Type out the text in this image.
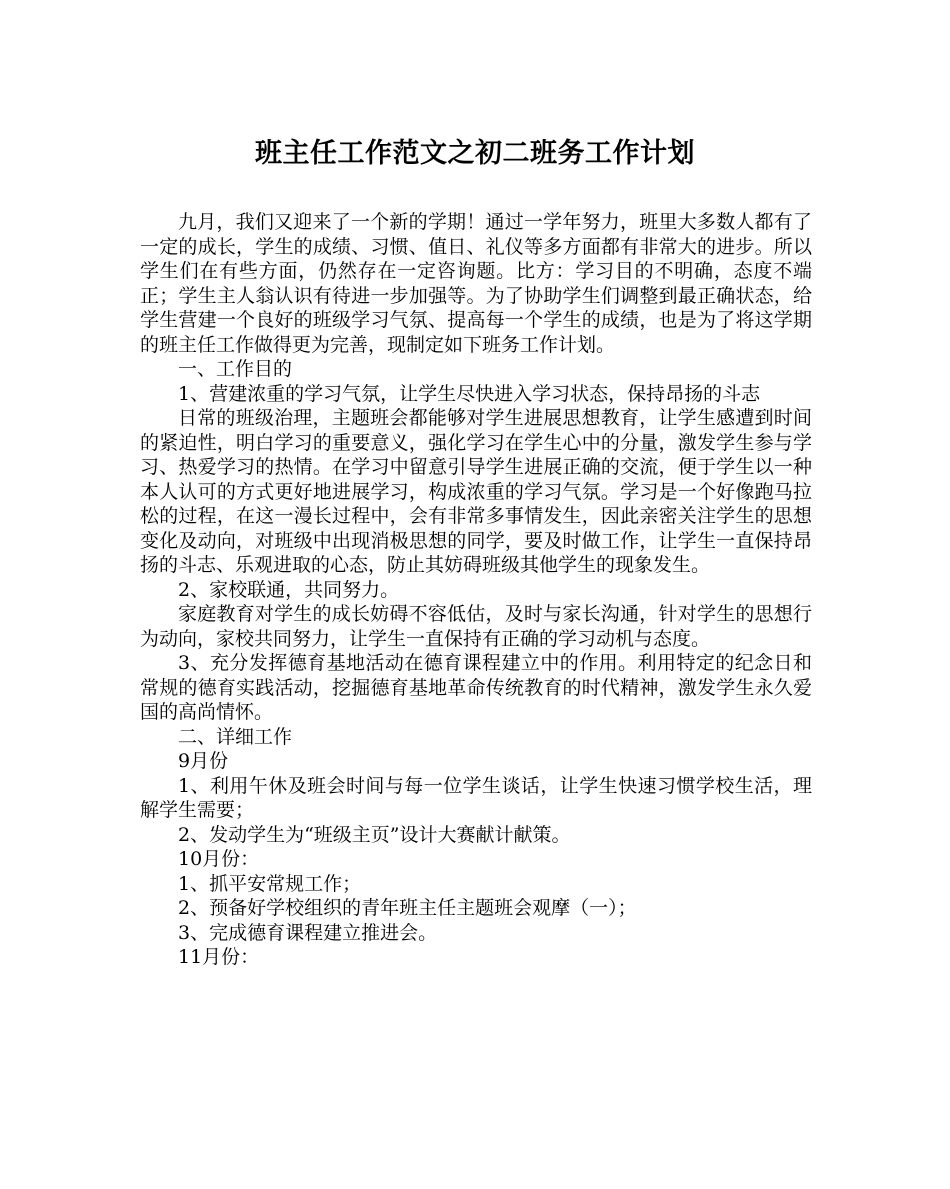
班主任工作范文之初二班务工作计划

九月，我们又迎来了一个新的学期！通过一学年努力，班里大多数人都有了一定的成长，学生的成绩、习惯、值日、礼仪等多方面都有非常大的进步。所以学生们在有些方面，仍然存在一定咨询题。比方：学习目的不明确，态度不端正；学生主人翁认识有待进一步加强等。为了协助学生们调整到最正确状态，给学生营建一个良好的班级学习气氛、提高每一个学生的成绩，也是为了将这学期的班主任工作做得更为完善，现制定如下班务工作计划。

一、工作目的

1、营建浓重的学习气氛，让学生尽快进入学习状态，保持昂扬的斗志

日常的班级治理，主题班会都能够对学生进展思想教育，让学生感遭到时间的紧迫性，明白学习的重要意义，强化学习在学生心中的分量，激发学生参与学习、热爱学习的热情。在学习中留意引导学生进展正确的交流，便于学生以一种本人认可的方式更好地进展学习，构成浓重的学习气氛。学习是一个好像跑马拉松的过程，在这一漫长过程中，会有非常多事情发生，因此亲密关注学生的思想变化及动向，对班级中出现消极思想的同学，要及时做工作，让学生一直保持昂扬的斗志、乐观进取的心态，防止其妨碍班级其他学生的现象发生。

2、家校联通，共同努力。

家庭教育对学生的成长妨碍不容低估，及时与家长沟通，针对学生的思想行为动向，家校共同努力，让学生一直保持有正确的学习动机与态度。

3、充分发挥德育基地活动在德育课程建立中的作用。利用特定的纪念日和常规的德育实践活动，挖掘德育基地革命传统教育的时代精神，激发学生永久爱国的高尚情怀。

二、详细工作

9月份

1、利用午休及班会时间与每一位学生谈话，让学生快速习惯学校生活，理解学生需要；

2、发动学生为“班级主页”设计大赛献计献策。

10月份：

1、抓平安常规工作；

2、预备好学校组织的青年班主任主题班会观摩（一）；

3、完成德育课程建立推进会。

11月份：
